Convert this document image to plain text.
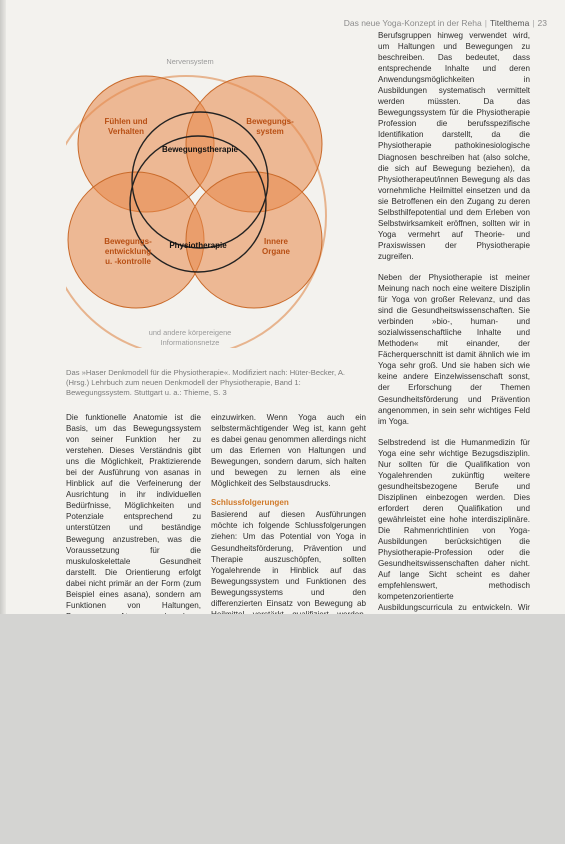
Das neue Yoga-Konzept in der Reha | Titelthema | 23
Fühlen und
Verhalten
Bewegungs-
system
Bewegungs-
entwicklung
u. -kontrolle
Innere
Organe
Bewegungstherapie
Physiotherapie
Nervensystem
und andere körpereigene
Informationsnetze
Das »Haser Denkmodell für die Physiotherapie«. Modifiziert nach: Hüter-Becker, A. (Hrsg.) Lehrbuch zum neuen Denkmodell der Physiotherapie, Band 1: Bewegungssystem. Stuttgart u. a.: Thieme, S. 3

Die funktionelle Anatomie ist die Basis, um das Bewegungssystem von seiner Funktion her zu verstehen. Dieses Verständnis gibt uns die Möglichkeit, Praktizierende bei der Ausführung von asanas in Hinblick auf die Verfeinerung der Ausrichtung in ihr individuellen Bedürfnisse, Möglichkeiten und Potenziale entsprechend zu unterstützen und beständige Bewegung anzustreben, was die Voraussetzung für die muskuloskelettale Gesundheit darstellt. Die Orientierung erfolgt dabei nicht primär an der Form (zum Beispiel eines asana), sondern am Funktionen von Haltungen,

einzuwirken. Wenn Yoga auch ein selbstermächtigender Weg ist, kann geht es dabei genau genommen allerdings nicht um das Erlernen von Haltungen und Bewegungen, sondern darum, sich halten und bewegen zu lernen als eine Möglichkeit des Selbstausdrucks.

Schlussfolgerungen

Basierend auf diesen Ausführungen möchte ich folgende Schlussfolgerungen ziehen: Um das Potential von Yoga in Gesundheitsförderung, Prävention und Therapie auszuschöpfen, sollten Yogalehrende in Hinblick auf das Bewegungssystem und Funktionen des Bewegungssystems und den differenzierten Einsatz von Bewegung ab

Berufsgruppen hinweg verwendet wird, um Haltungen und Bewegungen zu beschreiben. Das bedeutet, dass entsprechende Inhalte und deren Anwendungsmöglichkeiten in Ausbildungen systematisch vermittelt werden müssten. Da das Bewegungssystem für die Physiotherapie Profession die berufsspezifische Identifikation darstellt, da die Physiotherapie pathokinesiologische Diagnosen beschreiben hat (also solche, die sich auf Bewegung beziehen), da Physiotherapeut/innen Bewegung als das vornehmliche Heilmittel einsetzen und da sie Betroffenen ein den Zugang zu deren Selbsthilfepotential und dem Erleben von Selbstwirksamkeit eröffnen, sollten wir in Yoga vermehrt auf Theorie- und Praxiswissen der Physiotherapie zugreifen.

Neben der Physiotherapie ist meiner Meinung nach noch eine weitere Disziplin für Yoga von großer Relevanz, und das sind die Gesundheitswissenschaften. Sie verbinden »bio-, human- und sozialwissenschaftliche Inhalte und Methoden« mit einander, der Fächerquerschnitt ist damit ähnlich wie im Yoga sehr groß. Und sie haben sich wie keine andere Einzelwissenschaft sonst, der Erforschung der Themen Gesundheitsförderung und Prävention angenommen, in sein sehr wichtiges Feld im Yoga.

Selbstredend ist die Humanmedizin für Yoga eine sehr wichtige Bezugsdisziplin. Nur sollten für die Qualifikation von Yogalehrenden zukünftig weitere gesundheitsbezogene Berufe und Disziplinen einbezogen werden. Dies erfordert deren Qualifikation und gewährleistet eine hohe interdisziplinäre. Die Rahmenrichtlinien von Yoga-Ausbildungen berücksichtigen die Physiotherapie-Profession oder die Gesundheitswissenschaften daher nicht. Auf lange Sicht scheint es daher empfehlenswert, methodisch kompetenzorientierte Ausbildungscurricula zu entwickeln. Wir
